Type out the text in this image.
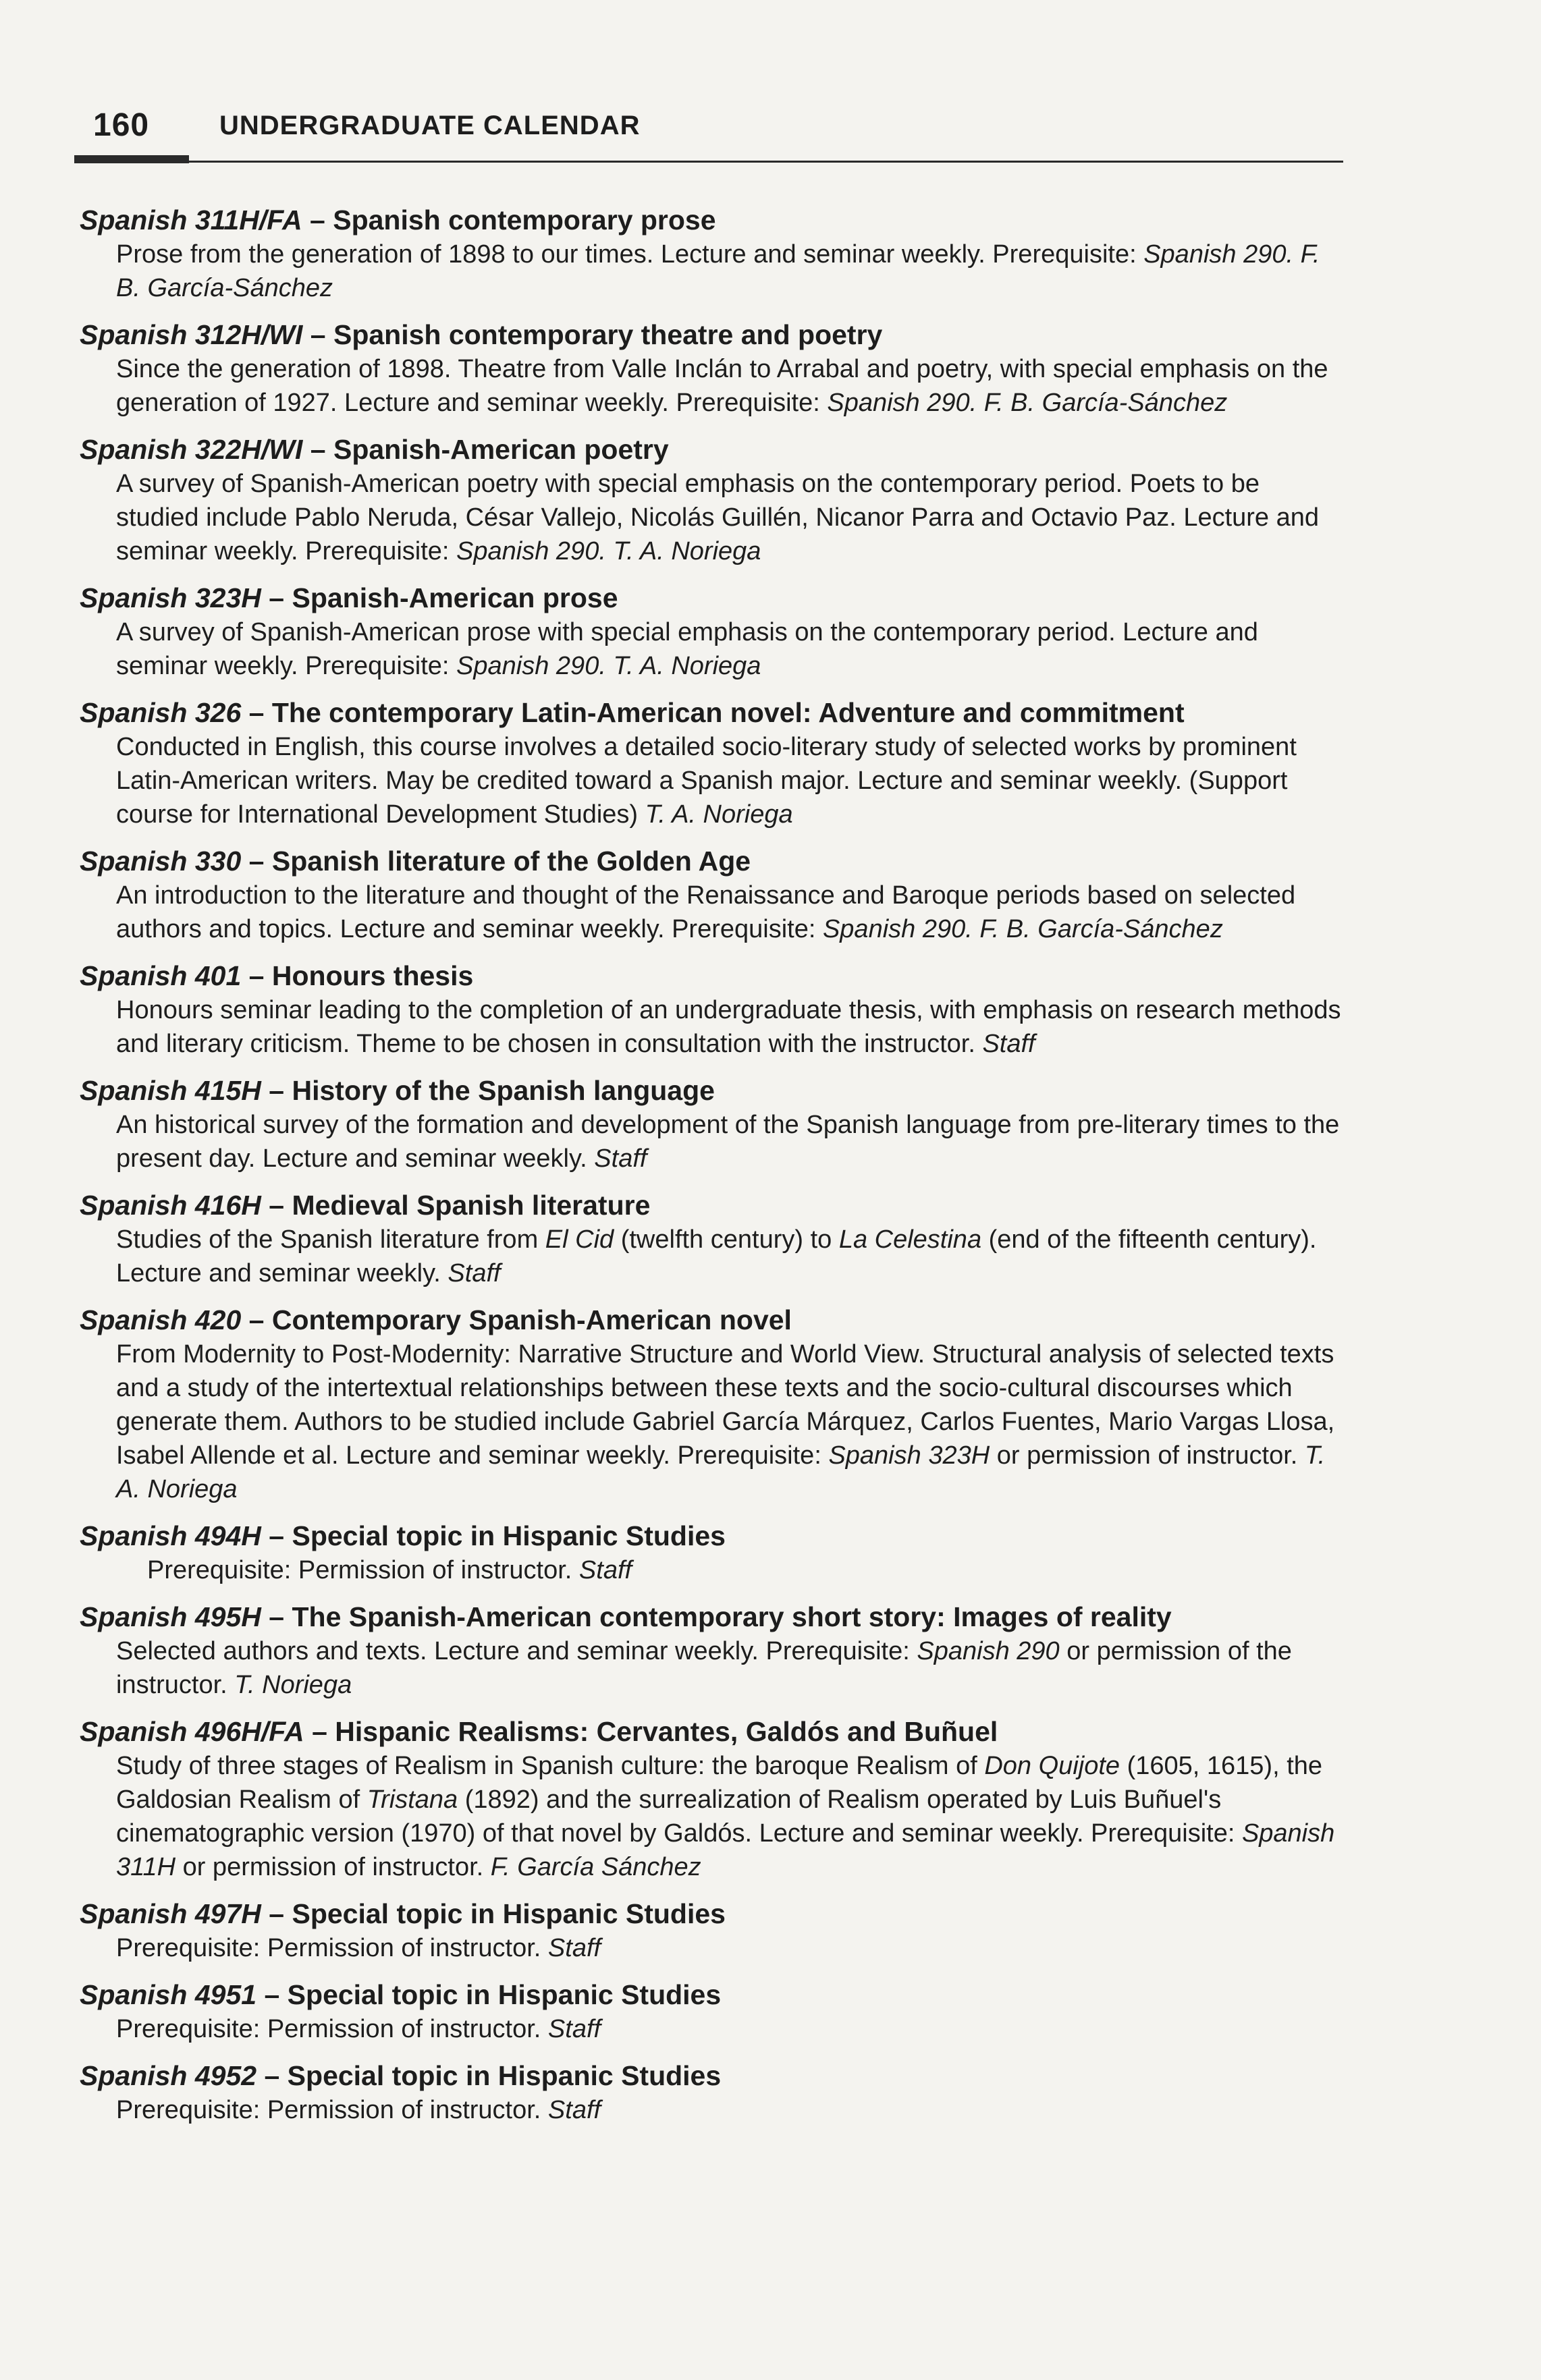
160	UNDERGRADUATE CALENDAR
Spanish 311H/FA – Spanish contemporary prose
Prose from the generation of 1898 to our times. Lecture and seminar weekly. Prerequisite: Spanish 290. F. B. García-Sánchez
Spanish 312H/WI – Spanish contemporary theatre and poetry
Since the generation of 1898. Theatre from Valle Inclán to Arrabal and poetry, with special emphasis on the generation of 1927. Lecture and seminar weekly. Prerequisite: Spanish 290. F. B. García-Sánchez
Spanish 322H/WI – Spanish-American poetry
A survey of Spanish-American poetry with special emphasis on the contemporary period. Poets to be studied include Pablo Neruda, César Vallejo, Nicolás Guillén, Nicanor Parra and Octavio Paz. Lecture and seminar weekly. Prerequisite: Spanish 290. T. A. Noriega
Spanish 323H – Spanish-American prose
A survey of Spanish-American prose with special emphasis on the contemporary period. Lecture and seminar weekly. Prerequisite: Spanish 290. T. A. Noriega
Spanish 326 – The contemporary Latin-American novel: Adventure and commitment
Conducted in English, this course involves a detailed socio-literary study of selected works by prominent Latin-American writers. May be credited toward a Spanish major. Lecture and seminar weekly. (Support course for International Development Studies) T. A. Noriega
Spanish 330 – Spanish literature of the Golden Age
An introduction to the literature and thought of the Renaissance and Baroque periods based on selected authors and topics. Lecture and seminar weekly. Prerequisite: Spanish 290. F. B. García-Sánchez
Spanish 401 – Honours thesis
Honours seminar leading to the completion of an undergraduate thesis, with emphasis on research methods and literary criticism. Theme to be chosen in consultation with the instructor. Staff
Spanish 415H – History of the Spanish language
An historical survey of the formation and development of the Spanish language from pre-literary times to the present day. Lecture and seminar weekly. Staff
Spanish 416H – Medieval Spanish literature
Studies of the Spanish literature from El Cid (twelfth century) to La Celestina (end of the fifteenth century). Lecture and seminar weekly. Staff
Spanish 420 – Contemporary Spanish-American novel
From Modernity to Post-Modernity: Narrative Structure and World View. Structural analysis of selected texts and a study of the intertextual relationships between these texts and the socio-cultural discourses which generate them. Authors to be studied include Gabriel García Márquez, Carlos Fuentes, Mario Vargas Llosa, Isabel Allende et al. Lecture and seminar weekly. Prerequisite: Spanish 323H or permission of instructor. T. A. Noriega
Spanish 494H – Special topic in Hispanic Studies
Prerequisite: Permission of instructor. Staff
Spanish 495H – The Spanish-American contemporary short story: Images of reality
Selected authors and texts. Lecture and seminar weekly. Prerequisite: Spanish 290 or permission of the instructor. T. Noriega
Spanish 496H/FA – Hispanic Realisms: Cervantes, Galdós and Buñuel
Study of three stages of Realism in Spanish culture: the baroque Realism of Don Quijote (1605, 1615), the Galdosian Realism of Tristana (1892) and the surrealization of Realism operated by Luis Buñuel's cinematographic version (1970) of that novel by Galdós. Lecture and seminar weekly. Prerequisite: Spanish 311H or permission of instructor. F. García Sánchez
Spanish 497H – Special topic in Hispanic Studies
Prerequisite: Permission of instructor. Staff
Spanish 4951 – Special topic in Hispanic Studies
Prerequisite: Permission of instructor. Staff
Spanish 4952 – Special topic in Hispanic Studies
Prerequisite: Permission of instructor. Staff
